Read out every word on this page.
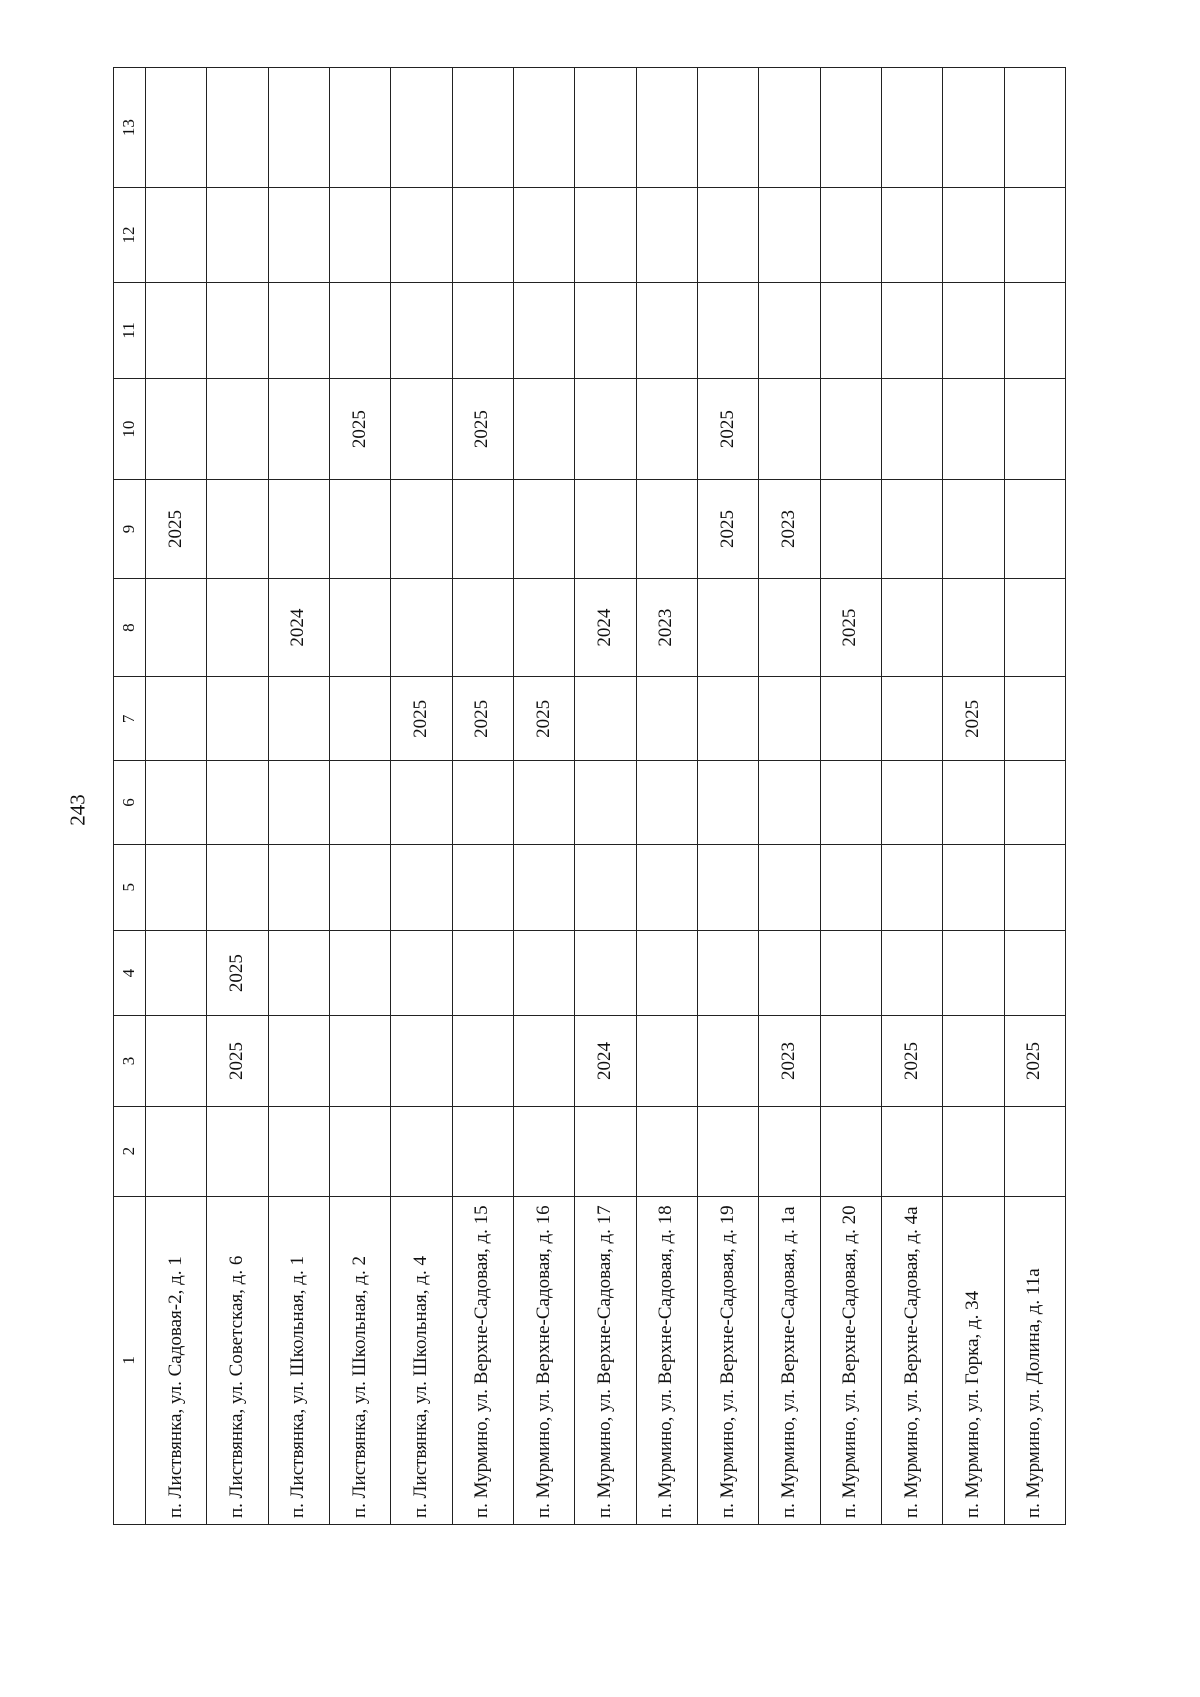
243
1	2	3	4	5	6	7	8	9	10	11	12	13
п. Листвянка, ул. Садовая-2, д. 1								2025				
п. Листвянка, ул. Советская, д. 6		2025	2025									
п. Листвянка, ул. Школьная, д. 1							2024					
п. Листвянка, ул. Школьная, д. 2									2025			
п. Листвянка, ул. Школьная, д. 4						2025						
п. Мурмино, ул. Верхне-Садовая, д. 15						2025			2025			
п. Мурмино, ул. Верхне-Садовая, д. 16						2025						
п. Мурмино, ул. Верхне-Садовая, д. 17		2024					2024					
п. Мурмино, ул. Верхне-Садовая, д. 18							2023					
п. Мурмино, ул. Верхне-Садовая, д. 19								2025	2025			
п. Мурмино, ул. Верхне-Садовая, д. 1а		2023						2023				
п. Мурмино, ул. Верхне-Садовая, д. 20							2025					
п. Мурмино, ул. Верхне-Садовая, д. 4а		2025										
п. Мурмино, ул. Горка, д. 34						2025						
п. Мурмино, ул. Долина, д. 11а		2025										
